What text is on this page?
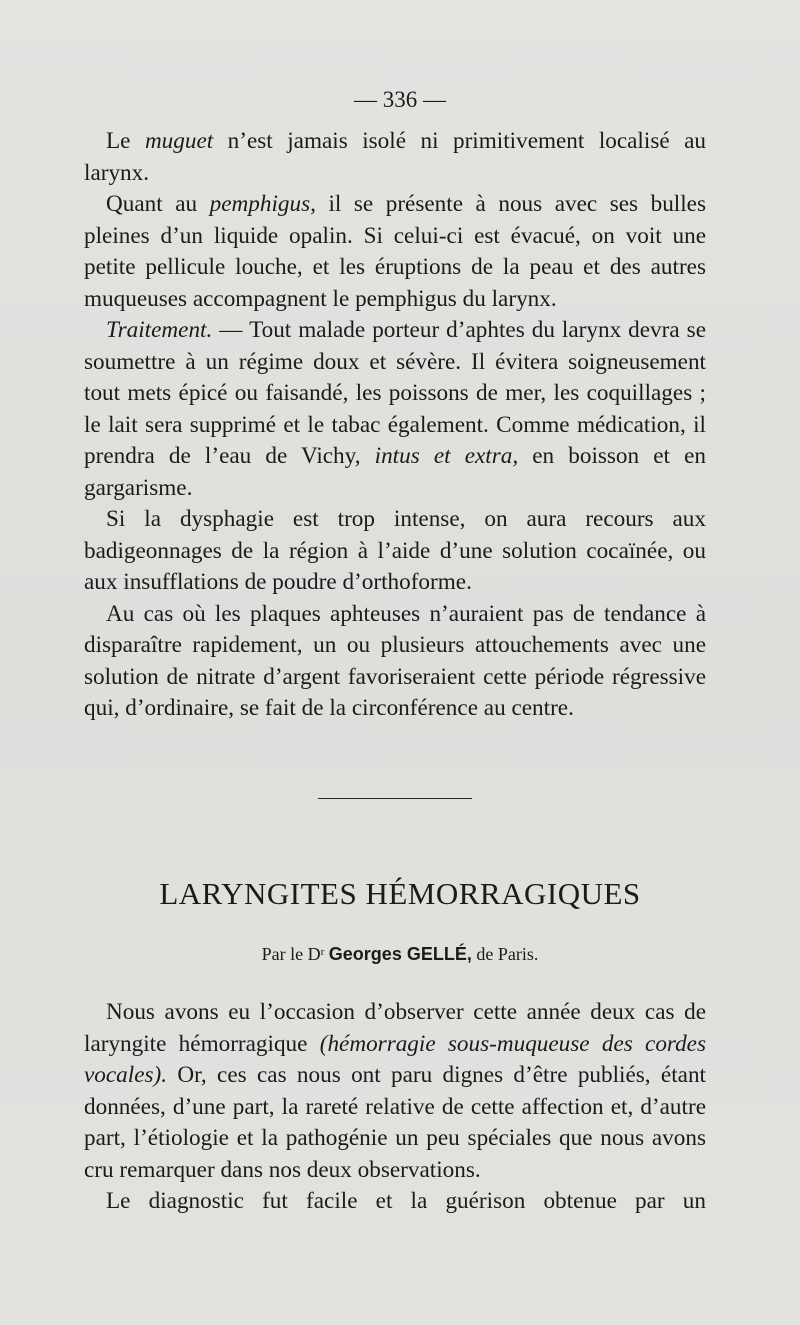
— 336 —

Le muguet n’est jamais isolé ni primitivement localisé au larynx.

Quant au pemphigus, il se présente à nous avec ses bulles pleines d’un liquide opalin. Si celui-ci est évacué, on voit une petite pellicule louche, et les éruptions de la peau et des autres muqueuses accompagnent le pemphigus du larynx.

Traitement. — Tout malade porteur d’aphtes du larynx devra se soumettre à un régime doux et sévère. Il évitera soigneusement tout mets épicé ou faisandé, les poissons de mer, les coquillages ; le lait sera supprimé et le tabac également. Comme médication, il prendra de l’eau de Vichy, intus et extra, en boisson et en gargarisme.

Si la dysphagie est trop intense, on aura recours aux badigeonnages de la région à l’aide d’une solution cocaïnée, ou aux insufflations de poudre d’orthoforme.

Au cas où les plaques aphteuses n’auraient pas de tendance à disparaître rapidement, un ou plusieurs attouchements avec une solution de nitrate d’argent favoriseraient cette période régressive qui, d’ordinaire, se fait de la circonférence au centre.

LARYNGITES HÉMORRAGIQUES
Par le $D^r$ Georges GELLÉ, de Paris.

Nous avons eu l’occasion d’observer cette année deux cas de laryngite hémorragique (hémorragie sous-muqueuse des cordes vocales). Or, ces cas nous ont paru dignes d’être publiés, étant données, d’une part, la rareté relative de cette affection et, d’autre part, l’étiologie et la pathogénie un peu spéciales que nous avons cru remarquer dans nos deux observations.

Le diagnostic fut facile et la guérison obtenue par un
